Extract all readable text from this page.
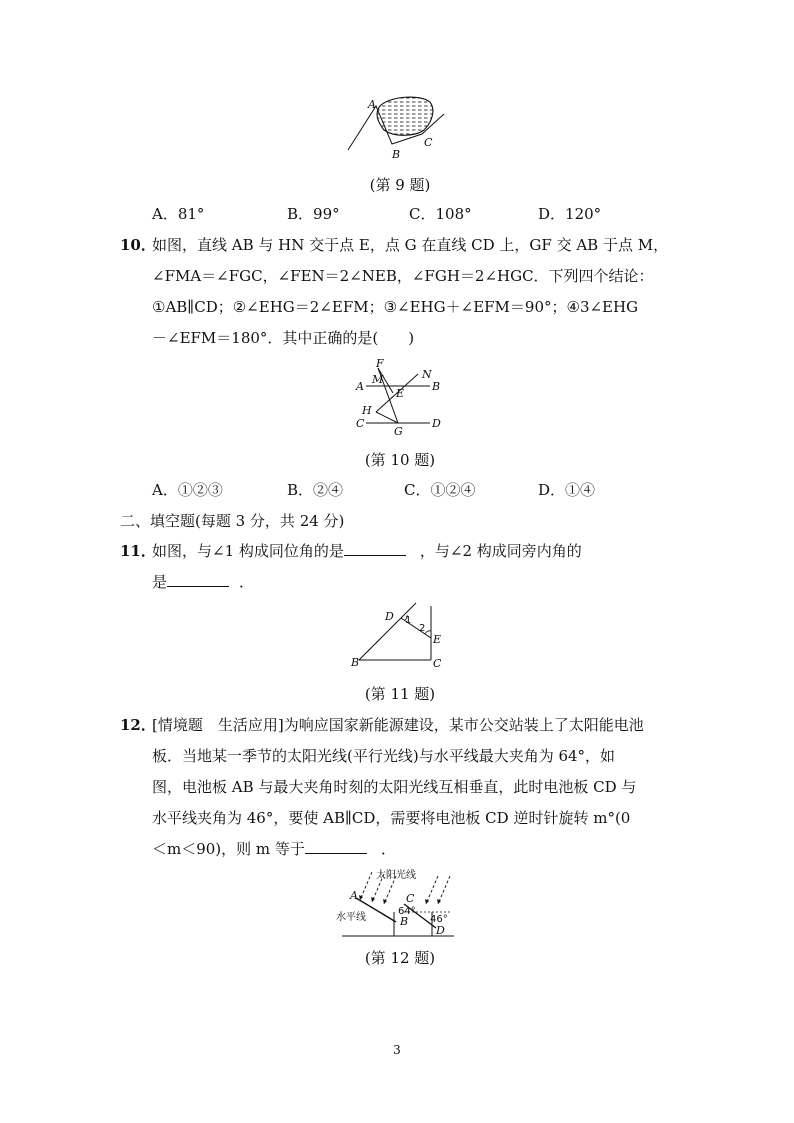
A
B
C
(第 9 题)
A．81°	B．99°	C．108°	D．120°
10．
如图，直线 AB 与 HN 交于点 E，点 G 在直线 CD 上，GF 交 AB 于点 M，
∠FMA＝∠FGC，∠FEN＝2∠NEB，∠FGH＝2∠HGC．下列四个结论：
①AB∥CD；②∠EHG＝2∠EFM；③∠EHG＋∠EFM＝90°；④3∠EHG
－∠EFM＝180°．其中正确的是(　　)
F
M	N
A
E
B
H
C
G
D
(第 10 题)
A．①②③	B．②④	C．①②④	D．①④
二、填空题(每题 3 分，共 24 分)
11．
如图，与∠1 构成同位角的是	，与∠2 构成同旁内角的
是	．
D 1
2
E
B	C
(第 11 题)
12．
[情境题　生活应用]为响应国家新能源建设，某市公交站装上了太阳能电池
板．当地某一季节的太阳光线(平行光线)与水平线最大夹角为 64°，如
图，电池板 AB 与最大夹角时刻的太阳光线互相垂直，此时电池板 CD 与
水平线夹角为 46°，要使 AB∥CD，需要将电池板 CD 逆时针旋转 m°(0
＜m＜90)，则 m 等于	．
太阳光线
水平线
A
B
C
D
64°
46°
(第 12 题)
3
